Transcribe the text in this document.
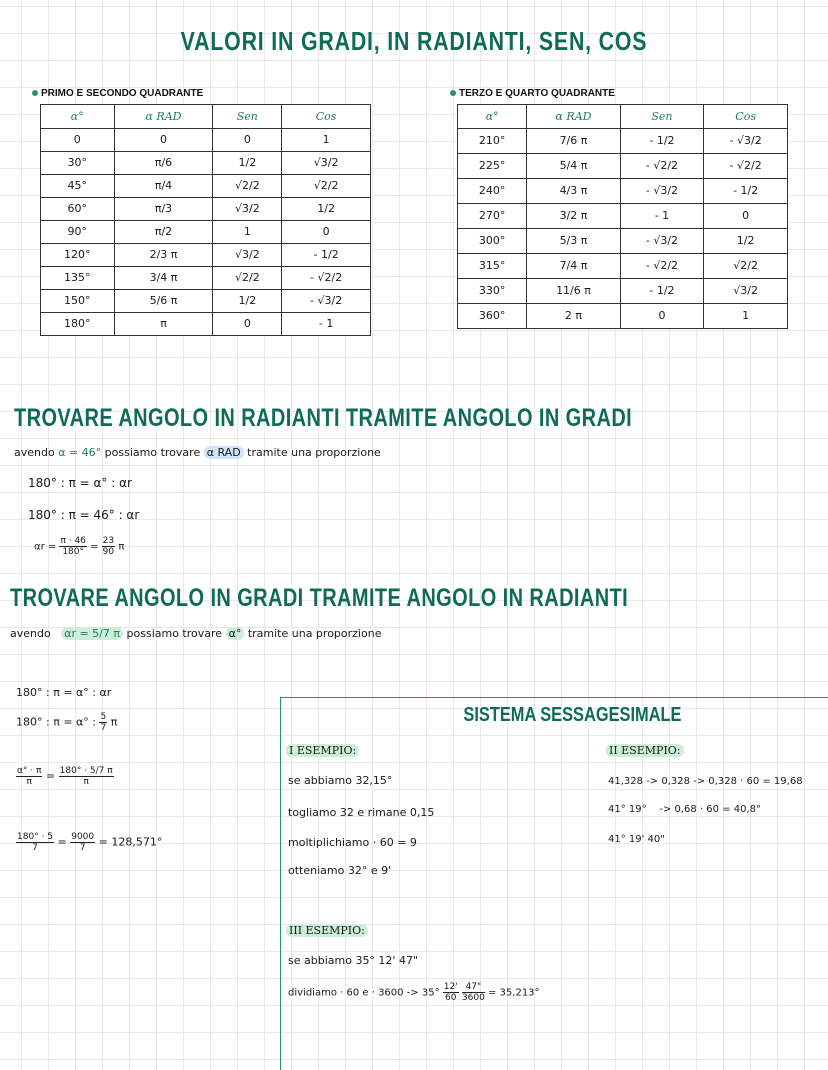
VALORI IN GRADI, IN RADIANTI, SEN, COS
PRIMO E SECONDO QUADRANTE
α°	α RAD	Sen	Cos
0	0	0	1
30°	π/6	1/2	√3/2
45°	π/4	√2/2	√2/2
60°	π/3	√3/2	1/2
90°	π/2	1	0
120°	2/3 π	√3/2	- 1/2
135°	3/4 π	√2/2	- √2/2
150°	5/6 π	1/2	- √3/2
180°	π	0	- 1
TERZO E QUARTO QUADRANTE
α°	α RAD	Sen	Cos
210°	7/6 π	- 1/2	- √3/2
225°	5/4 π	- √2/2	- √2/2
240°	4/3 π	- √3/2	- 1/2
270°	3/2 π	- 1	0
300°	5/3 π	- √3/2	1/2
315°	7/4 π	- √2/2	√2/2
330°	11/6 π	- 1/2	√3/2
360°	2 π	0	1
TROVARE ANGOLO IN RADIANTI TRAMITE ANGOLO IN GRADI
avendo α = 46° possiamo trovare α RAD tramite una proporzione
180° : π = α° : αr
180° : π = 46° : αr
$\alpha r = \frac{\pi \cdot 46}{180^\circ} = \frac{23}{90}$ π
TROVARE ANGOLO IN GRADI TRAMITE ANGOLO IN RADIANTI
avendo αr = 5/7 π possiamo trovare α° tramite una proporzione
180° : π = α° : αr
180° : π = α° : $\frac{5}{7}$ π
$\frac{\alpha^\circ \cdot \pi}{\pi} = \frac{180^\circ \cdot 5/7 \pi}{\pi}$
$\frac{180^\circ \cdot 5}{7} = \frac{9000}{7} = 128,571^\circ$
SISTEMA SESSAGESIMALE
I ESEMPIO:
se abbiamo 32,15°
togliamo 32 e rimane 0,15
moltiplichiamo · 60 = 9
otteniamo 32° e 9'
II ESEMPIO:
41,328 -> 0,328 -> 0,328 · 60 = 19,68
41° 19°    -> 0,68 · 60 = 40,8"
41° 19' 40"
III ESEMPIO:
se abbiamo 35° 12' 47"
dividiamo · 60 $e \cdot 3600 -> 35^\circ \frac{12'}{60}$
$\frac{47"}{3600} = 35,213^\circ$
